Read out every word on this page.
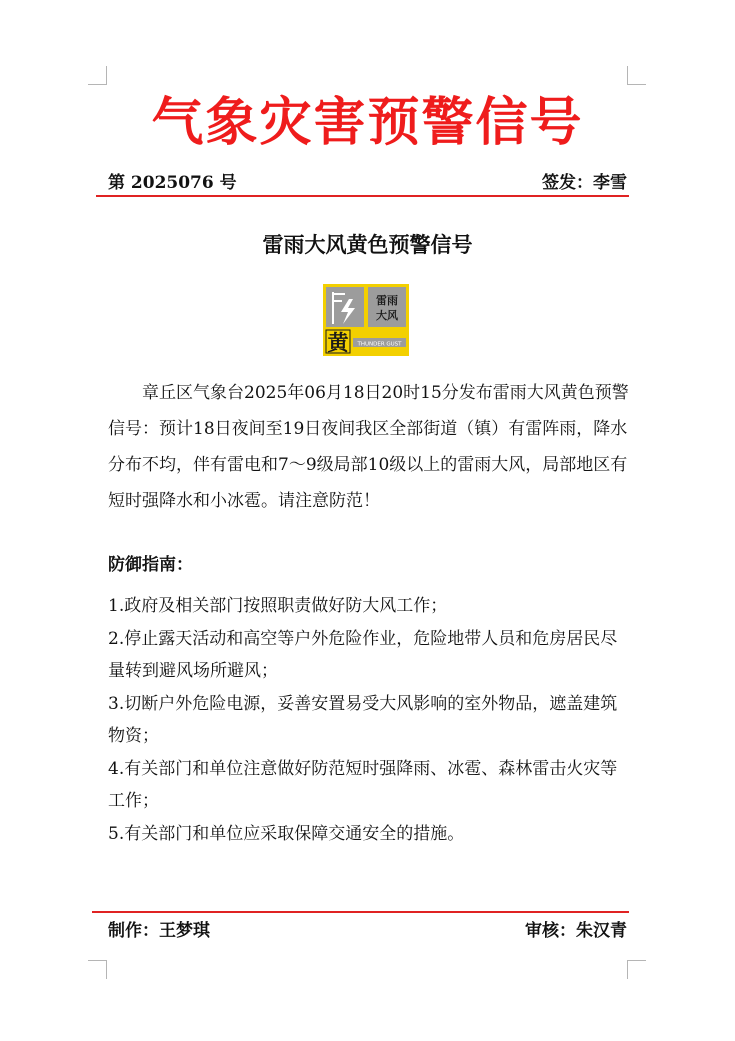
气象灾害预警信号
第 2025076 号	签发：李雪
雷雨大风黄色预警信号
雷雨
大风
黄 THUNDER GUST

章丘区气象台2025年06月18日20时15分发布雷雨大风黄色预警信号：预计18日夜间至19日夜间我区全部街道（镇）有雷阵雨，降水分布不均，伴有雷电和7～9级局部10级以上的雷雨大风，局部地区有短时强降水和小冰雹。请注意防范！

防御指南：
1.政府及相关部门按照职责做好防大风工作；
2.停止露天活动和高空等户外危险作业，危险地带人员和危房居民尽量转到避风场所避风；
3.切断户外危险电源，妥善安置易受大风影响的室外物品，遮盖建筑物资；
4.有关部门和单位注意做好防范短时强降雨、冰雹、森林雷击火灾等工作；
5.有关部门和单位应采取保障交通安全的措施。
制作：王梦琪	审核：朱汉青
